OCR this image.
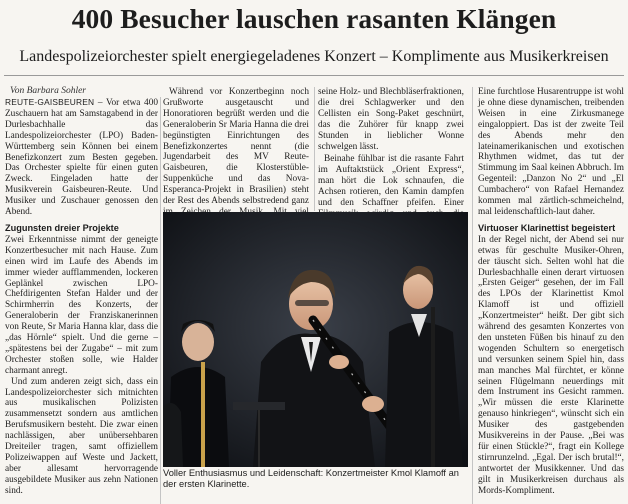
400 Besucher lauschen rasanten Klängen
Landespolizeiorchester spielt energiegeladenes Konzert – Komplimente aus Musikerkreisen
Von Barbara Sohler

REUTE-GAISBEUREN – Vor etwa 400 Zuschauern hat am Samstagabend in der Durlesbachhalle das Landespolizeiorchester (LPO) Baden-Württemberg sein Können bei einem Benefizkonzert zum Besten gegeben. Das Orchester spielte für einen guten Zweck. Eingeladen hatte der Musikverein Gaisbeuren-Reute. Und Musiker und Zuschauer genossen den Abend.

Zugunsten dreier Projekte

Zwei Erkenntnisse nimmt der geneigte Konzertbesucher mit nach Hause. Zum einen wird im Laufe des Abends im immer wieder aufflammenden, lockeren Geplänkel zwischen LPO-Chefdirigenten Stefan Halder und der Schirmherrin des Konzerts, der Generaloberin der Franziskanerinnen von Reute, Sr Maria Hanna klar, dass die „das Hörnle“ spielt. Und die gerne – „spätestens bei der Zugabe“ – mit zum Orchester stoßen solle, wie Halder charmant anregt.

Und zum anderen zeigt sich, dass ein Landespolizeiorchester sich mitnichten aus musikalischen Polizisten zusammensetzt sondern aus amtlichen Berufsmusikern besteht. Die zwar einen nachlässigen, aber unübersehbaren Dreiteiler tragen, samt offiziellem Polizeiwappen auf Weste und Jackett, aber allesamt hervorragende ausgebildete Musiker aus zehn Nationen sind.

Während vor Konzertbeginn noch Grußworte ausgetauscht und Honoratioren begrüßt werden und die Generaloberin Sr Maria Hanna die drei begünstigten Einrichtungen des Benefizkonzertes nennt (die Jugendarbeit des MV Reute-Gaisbeuren, die Klosterstüble-Suppenküche und das Nova-Esperanca-Projekt in Brasilien) steht der Rest des Abends selbstredend ganz

seine Holz- und Blechbläserfraktionen, die drei Schlagwerker und den Cellisten ein Song-Paket geschnürt, das die Zuhörer für knapp zwei Stunden in lieblicher Wonne schwelgen lässt.

Beinahe fühlbar ist die rasante Fahrt im Auftaktstück „Orient Express“, man hört die Lok schnaufen, die Achsen rotieren, den Kamin dampfen und den Schaffner pfeifen. Einer

Eine furchtlose Husarentruppe ist wohl je ohne diese dynamischen, treibenden Weisen in eine Zirkusmanege eingaloppiert. Das ist der zweite Teil des Abends mehr den lateinamerikanischen und exotischen Rhythmen widmet, das tut der Stimmung im Saal keinen Abbruch. Im Gegenteil: „Danzon No 2“ und „El Cumbachero“ von Rafael Hernandez kommen mal zärtlich-schmeichelnd, mal leidenschaftlich-laut daher.

Virtuoser Klarinettist begeistert

In der Regel nicht, der Abend sei nur etwas für geschulte Musiker-Ohren, der täuscht sich. Selten wohl hat die Durlesbachhalle einen derart virtuosen „Ersten Geiger“ gesehen, der im Fall des LPOs der Klarinettist Kmol Klamoff ist und offiziell „Konzertmeister“ heißt. Der gibt sich während des gesamten Konzertes von den unsteten Füßen bis hinauf zu den wogenden Schultern so energetisch und versunken seinem Spiel hin, dass man manches Mal fürchtet, er könne seinen Flügelmann neuerdings mit dem Instrument ins Gesicht rammen. „Wir müssen die erste Klarinette genauso hinkriegen“, wünscht sich ein Musiker des gastgebenden Musikvereins in der Pause. „Bei was für einen Stückle?“, fragt ein Kollege stirnrunzelnd. „Egal. Der isch brutal!“, antwortet der Musikkenner. Und das gilt in Musikerkreisen durchaus als Mords-Kompliment.

Voller Enthusiasmus und Leidenschaft: Konzertmeister Kmol Klamoff an der ersten Klarinette.
